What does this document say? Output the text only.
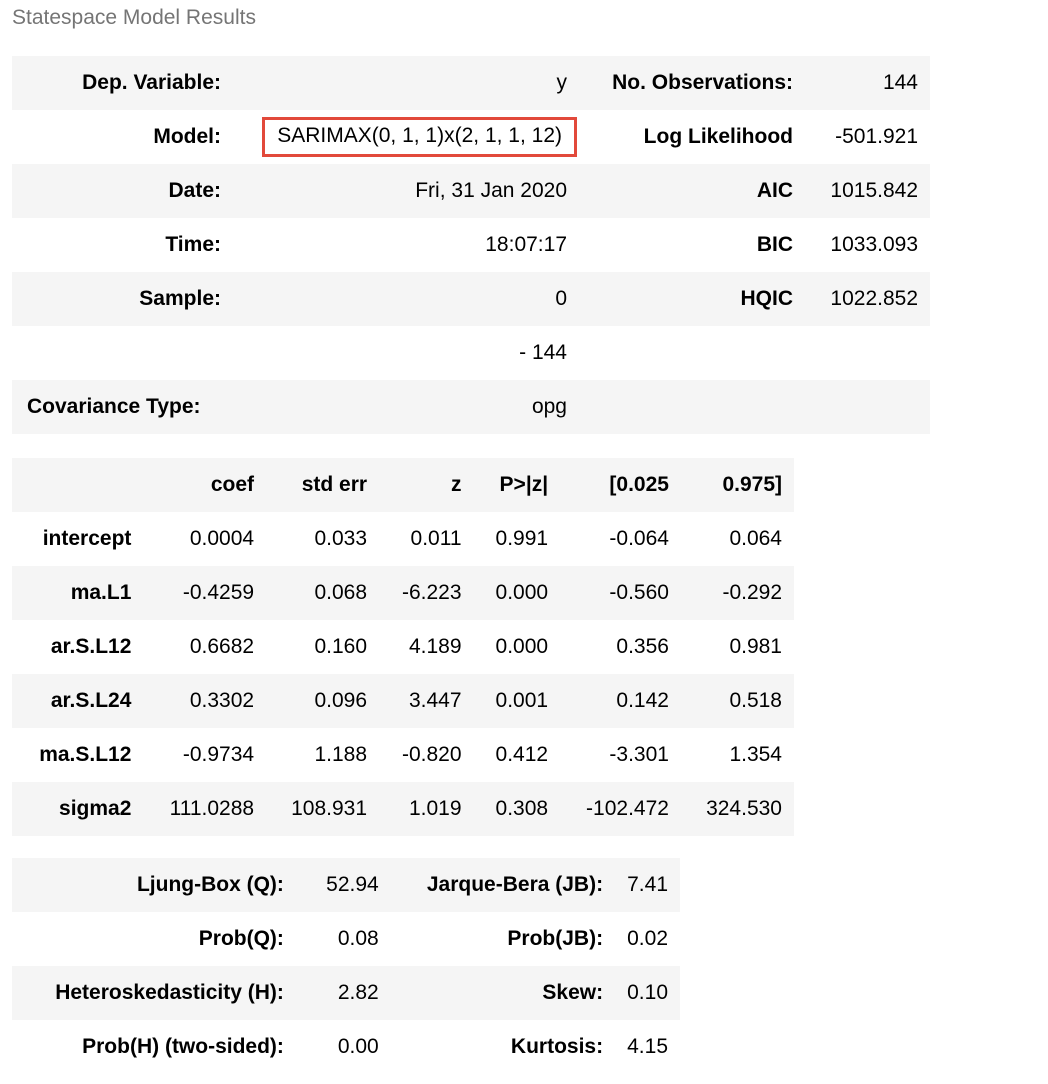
Statespace Model Results
Dep. Variable:	y	No. Observations:	144
Model:	SARIMAX(0, 1, 1)x(2, 1, 1, 12)	Log Likelihood	-501.921
Date:	Fri, 31 Jan 2020	AIC	1015.842
Time:	18:07:17	BIC	1033.093
Sample:	0	HQIC	1022.852
	- 144		
Covariance Type:	opg		
	coef	std err	z	P>|z|	[0.025	0.975]
intercept	0.0004	0.033	0.011	0.991	-0.064	0.064
ma.L1	-0.4259	0.068	-6.223	0.000	-0.560	-0.292
ar.S.L12	0.6682	0.160	4.189	0.000	0.356	0.981
ar.S.L24	0.3302	0.096	3.447	0.001	0.142	0.518
ma.S.L12	-0.9734	1.188	-0.820	0.412	-3.301	1.354
sigma2	111.0288	108.931	1.019	0.308	-102.472	324.530
Ljung-Box (Q):	52.94	Jarque-Bera (JB):	7.41
Prob(Q):	0.08	Prob(JB):	0.02
Heteroskedasticity (H):	2.82	Skew:	0.10
Prob(H) (two-sided):	0.00	Kurtosis:	4.15
